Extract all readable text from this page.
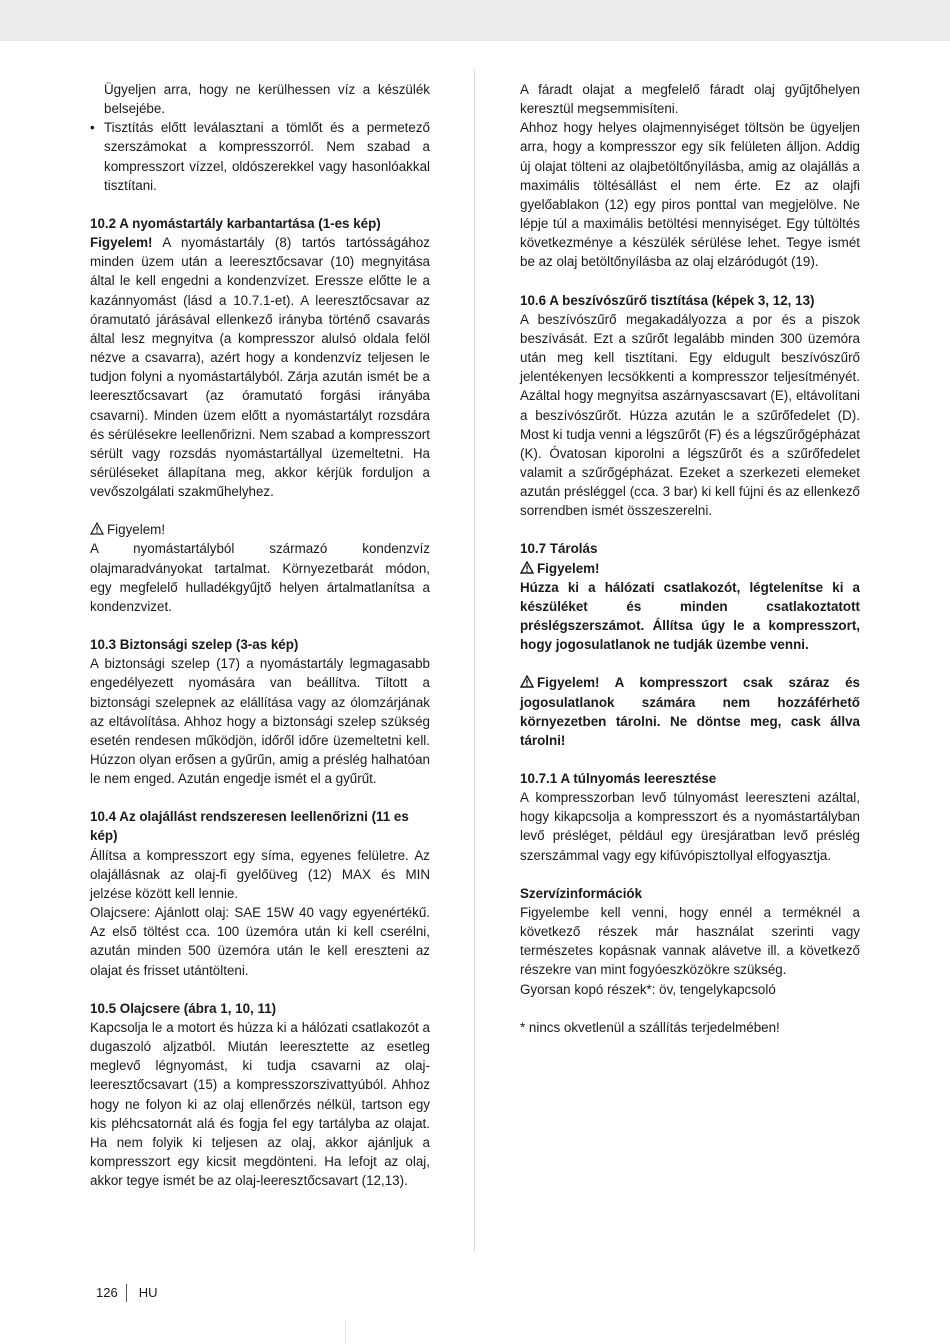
Ügyeljen arra, hogy ne kerülhessen víz a készülék belsejébe.
• Tisztítás előtt leválasztani a tömlőt és a permetező szerszámokat a kompresszorról. Nem szabad a kompresszort vízzel, oldószerekkel vagy hasonlóakkal tisztítani.
10.2 A nyomástartály karbantartása (1-es kép)

Figyelem! A nyomástartály (8) tartós tartósságához minden üzem után a leeresztőcsavar (10) megnyitása által le kell engedni a kondenzvízet. Eressze előtte le a kazánnyomást (lásd a 10.7.1-et). A leeresztőcsavar az óramutató járásával ellenkező irányba történő csavarás által lesz megnyitva (a kompresszor alulsó oldala felöl nézve a csavarra), azért hogy a kondenzvíz teljesen le tudjon folyni a nyomástartályból. Zárja azután ismét be a leeresztőcsavart (az óramutató forgási irányába csavarni). Minden üzem előtt a nyomástartályt rozsdára és sérülésekre leellenőrizni. Nem szabad a kompresszort sérült vagy rozsdás nyomástartállyal üzemeltetni. Ha sérüléseket állapítana meg, akkor kérjük forduljon a vevőszolgálati szakműhelyhez.

Figyelem!

A nyomástartályból származó kondenzvíz olajmaradványokat tartalmat. Környezetbarát módon, egy megfelelő hulladékgyűjtő helyen ártalmatlanítsa a kondenzvizet.

10.3 Biztonsági szelep (3-as kép)

A biztonsági szelep (17) a nyomástartály legmagasabb engedélyezett nyomására van beállítva. Tiltott a biztonsági szelepnek az elállítása vagy az ólomzárjának az eltávolítása. Ahhoz hogy a biztonsági szelep szükség esetén rendesen működjön, időről időre üzemeltetni kell. Húzzon olyan erősen a gyűrűn, amig a préslég halhatóan le nem enged. Azután engedje ismét el a gyűrűt.

10.4 Az olajállást rendszeresen leellenőrizni (11 es kép)

Állítsa a kompresszort egy síma, egyenes felületre. Az olajállásnak az olaj-fi gyelőüveg (12) MAX és MIN jelzése között kell lennie.

Olajcsere: Ajánlott olaj: SAE 15W 40 vagy egyenértékű. Az első töltést cca. 100 üzemóra után ki kell cserélni, azután minden 500 üzemóra után le kell ereszteni az olajat és frisset utántölteni.

10.5 Olajcsere (ábra 1, 10, 11)

Kapcsolja le a motort és húzza ki a hálózati csatlakozót a dugaszoló aljzatból. Miután leeresztette az esetleg meglevő légnyomást, ki tudja csavarni az olaj-leeresztőcsavart (15) a kompresszorszivattyúból. Ahhoz hogy ne folyon ki az olaj ellenőrzés nélkül, tartson egy kis pléhcsatornát alá és fogja fel egy tartályba az olajat. Ha nem folyik ki teljesen az olaj, akkor ajánljuk a kompresszort egy kicsit megdönteni. Ha lefojt az olaj, akkor tegye ismét be az olaj-leeresztőcsavart (12,13).

A fáradt olajat a megfelelő fáradt olaj gyűjtőhelyen keresztül megsemmisíteni.

Ahhoz hogy helyes olajmennyiséget töltsön be ügyeljen arra, hogy a kompresszor egy sík felületen álljon. Addig új olajat tölteni az olajbetöltőnyílásba, amig az olajállás a maximális töltésállást el nem érte. Ez az olajfi gyelőablakon (12) egy piros ponttal van megjelölve. Ne lépje túl a maximális betöltési mennyiséget. Egy túltöltés következménye a készülék sérülése lehet. Tegye ismét be az olaj betöltőnyílásba az olaj elzáródugót (19).

10.6 A beszívószűrő tisztítása (képek 3, 12, 13)

A beszívószűrő megakadályozza a por és a piszok beszívását. Ezt a szűrőt legalább minden 300 üzemóra után meg kell tisztítani. Egy eldugult beszívószűrő jelentékenyen lecsökkenti a kompresszor teljesítményét. Azáltal hogy megnyitsa aszárnyascsavart (E), eltávolítani a beszívószűrőt. Húzza azután le a szűrőfedelet (D). Most ki tudja venni a légszűrőt (F) és a légszűrőgépházat (K). Óvatosan kiporolni a légszűrőt és a szűrőfedelet valamit a szűrőgépházat. Ezeket a szerkezeti elemeket azután présléggel (cca. 3 bar) ki kell fújni és az ellenkező sorrendben ismét összeszerelni.

10.7 Tárolás

Figyelem!

Húzza ki a hálózati csatlakozót, légtelenítse ki a készüléket és minden csatlakoztatott préslégszerszámot. Állítsa úgy le a kompresszort, hogy jogosulatlanok ne tudják üzembe venni.

Figyelem! A kompresszort csak száraz és jogosulatlanok számára nem hozzáférhető környezetben tárolni. Ne döntse meg, cask állva tárolni!

10.7.1 A túlnyomás leeresztése

A kompresszorban levő túlnyomást leereszteni azáltal, hogy kikapcsolja a kompresszort és a nyomástartályban levő présléget, például egy üresjáratban levő préslég szerszámmal vagy egy kifúvópisztollyal elfogyasztja.

Szervízinformációk

Figyelembe kell venni, hogy ennél a terméknél a következő részek már használat szerinti vagy természetes kopásnak vannak alávetve ill. a következő részekre van mint fogyóeszközökre szükség.

Gyorsan kopó részek*: öv, tengelykapcsoló

* nincs okvetlenül a szállítás terjedelmében!

126 HU
